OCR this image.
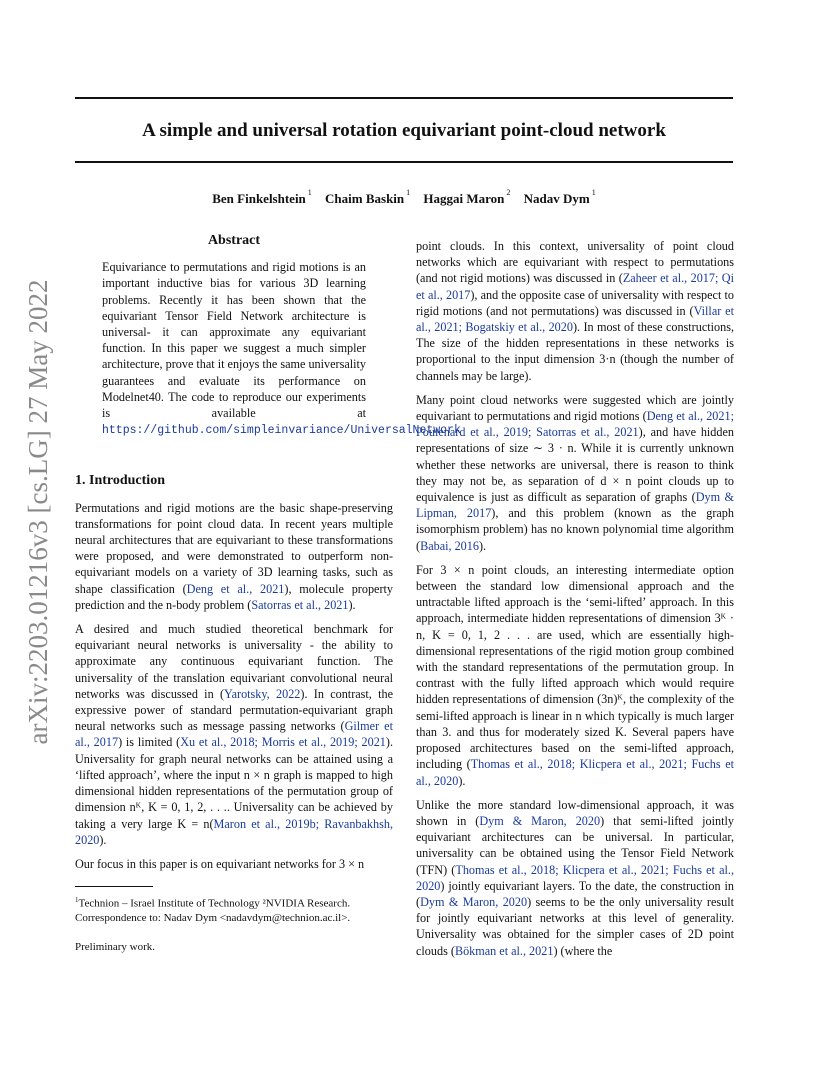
A simple and universal rotation equivariant point-cloud network
Ben Finkelshtein $^1$ Chaim Baskin $^1$ Haggai Maron $^2$ Nadav Dym $^1$
arXiv:2203.01216v3 [cs.LG] 27 May 2022
Abstract
Equivariance to permutations and rigid motions is an important inductive bias for various 3D learning problems. Recently it has been shown that the equivariant Tensor Field Network architecture is universal- it can approximate any equivariant function. In this paper we suggest a much simpler architecture, prove that it enjoys the same universality guarantees and evaluate its performance on Modelnet40. The code to reproduce our experiments is available at https://github.com/simpleinvariance/UniversalNetwork
1. Introduction

Permutations and rigid motions are the basic shape-preserving transformations for point cloud data. In recent years multiple neural architectures that are equivariant to these transformations were proposed, and were demonstrated to outperform non-equivariant models on a variety of 3D learning tasks, such as shape classification (Deng et al., 2021), molecule property prediction and the n-body problem (Satorras et al., 2021).

A desired and much studied theoretical benchmark for equivariant neural networks is universality - the ability to approximate any continuous equivariant function. The universality of the translation equivariant convolutional neural networks was discussed in (Yarotsky, 2022). In contrast, the expressive power of standard permutation-equivariant graph neural networks such as message passing networks (Gilmer et al., 2017) is limited (Xu et al., 2018; Morris et al., 2019; 2021). Universality for graph neural networks can be attained using a ‘lifted approach’, where the input n × n graph is mapped to high dimensional hidden representations of the permutation group of dimension nᴷ, K = 0, 1, 2, . . .. Universality can be achieved by taking a very large K = n(Maron et al., 2019b; Ravanbakhsh, 2020).

Our focus in this paper is on equivariant networks for 3 × n

$^1$Technion – Israel Institute of Technology ²NVIDIA Research. Correspondence to: Nadav Dym <nadavdym@technion.ac.il>.
Preliminary work.

point clouds. In this context, universality of point cloud networks which are equivariant with respect to permutations (and not rigid motions) was discussed in (Zaheer et al., 2017; Qi et al., 2017), and the opposite case of universality with respect to rigid motions (and not permutations) was discussed in (Villar et al., 2021; Bogatskiy et al., 2020). In most of these constructions, The size of the hidden representations in these networks is proportional to the input dimension 3·n (though the number of channels may be large).

Many point cloud networks were suggested which are jointly equivariant to permutations and rigid motions (Deng et al., 2021; Poulenard et al., 2019; Satorras et al., 2021), and have hidden representations of size ∼ 3 · n. While it is currently unknown whether these networks are universal, there is reason to think they may not be, as separation of d × n point clouds up to equivalence is just as difficult as separation of graphs (Dym & Lipman, 2017), and this problem (known as the graph isomorphism problem) has no known polynomial time algorithm (Babai, 2016).

For 3 × n point clouds, an interesting intermediate option between the standard low dimensional approach and the untractable lifted approach is the ‘semi-lifted’ approach. In this approach, intermediate hidden representations of dimension 3ᴷ · n, K = 0, 1, 2 . . . are used, which are essentially high-dimensional representations of the rigid motion group combined with the standard representations of the permutation group. In contrast with the fully lifted approach which would require hidden representations of dimension (3n)ᴷ, the complexity of the semi-lifted approach is linear in n which typically is much larger than 3. and thus for moderately sized K. Several papers have proposed architectures based on the semi-lifted approach, including (Thomas et al., 2018; Klicpera et al., 2021; Fuchs et al., 2020).

Unlike the more standard low-dimensional approach, it was shown in (Dym & Maron, 2020) that semi-lifted jointly equivariant architectures can be universal. In particular, universality can be obtained using the Tensor Field Network (TFN) (Thomas et al., 2018; Klicpera et al., 2021; Fuchs et al., 2020) jointly equivariant layers. To the date, the construction in (Dym & Maron, 2020) seems to be the only universality result for jointly equivariant networks at this level of generality. Universality was obtained for the simpler cases of 2D point clouds (Bökman et al., 2021) (where the
